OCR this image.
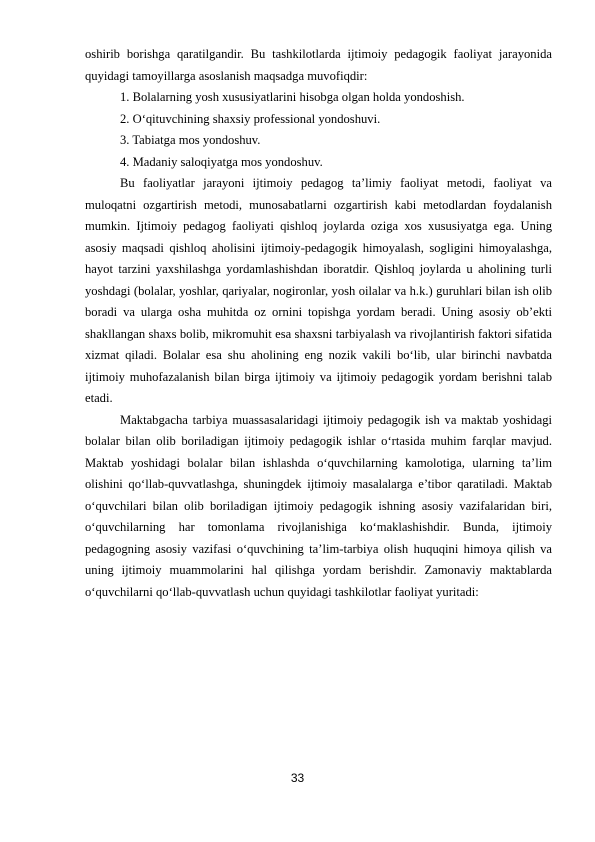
oshirib borishga qaratilgandir. Bu tashkilotlarda ijtimoiy pedagogik faoliyat jarayonida quyidagi tamoyillarga asoslanish maqsadga muvofiqdir:

1. Bolalarning yosh xususiyatlarini hisobga olgan holda yondoshish.

2. O‘qituvchining shaxsiy professional yondoshuvi.

3. Tabiatga mos yondoshuv.

4. Madaniy saloqiyatga mos yondoshuv.

Bu faoliyatlar jarayoni ijtimoiy pedagog ta’limiy faoliyat metodi, faoliyat va muloqatni ozgartirish metodi, munosabatlarni ozgartirish kabi metodlardan foydalanish mumkin. Ijtimoiy pedagog faoliyati qishloq joylarda oziga xos xususiyatga ega. Uning asosiy maqsadi qishloq aholisini ijtimoiy-pedagogik himoyalash, sogligini himoyalashga, hayot tarzini yaxshilashga yordamlashishdan iboratdir. Qishloq joylarda u aholining turli yoshdagi (bolalar, yoshlar, qariyalar, nogironlar, yosh oilalar va h.k.) guruhlari bilan ish olib boradi va ularga osha muhitda oz ornini topishga yordam beradi. Uning asosiy ob’ekti shakllangan shaxs bolib, mikromuhit esa shaxsni tarbiyalash va rivojlantirish faktori sifatida xizmat qiladi. Bolalar esa shu aholining eng nozik vakili bo‘lib, ular birinchi navbatda ijtimoiy muhofazalanish bilan birga ijtimoiy va ijtimoiy pedagogik yordam berishni talab etadi.

Maktabgacha tarbiya muassasalaridagi ijtimoiy pedagogik ish va maktab yoshidagi bolalar bilan olib boriladigan ijtimoiy pedagogik ishlar o‘rtasida muhim farqlar mavjud. Maktab yoshidagi bolalar bilan ishlashda o‘quvchilarning kamolotiga, ularning ta’lim olishini qo‘llab-quvvatlashga, shuningdek ijtimoiy masalalarga e’tibor qaratiladi. Maktab o‘quvchilari bilan olib boriladigan ijtimoiy pedagogik ishning asosiy vazifalaridan biri, o‘quvchilarning har tomonlama rivojlanishiga ko‘maklashishdir. Bunda, ijtimoiy pedagogning asosiy vazifasi o‘quvchining ta’lim-tarbiya olish huquqini himoya qilish va uning ijtimoiy muammolarini hal qilishga yordam berishdir. Zamonaviy maktablarda o‘quvchilarni qo‘llab-quvvatlash uchun quyidagi tashkilotlar faoliyat yuritadi:

33
